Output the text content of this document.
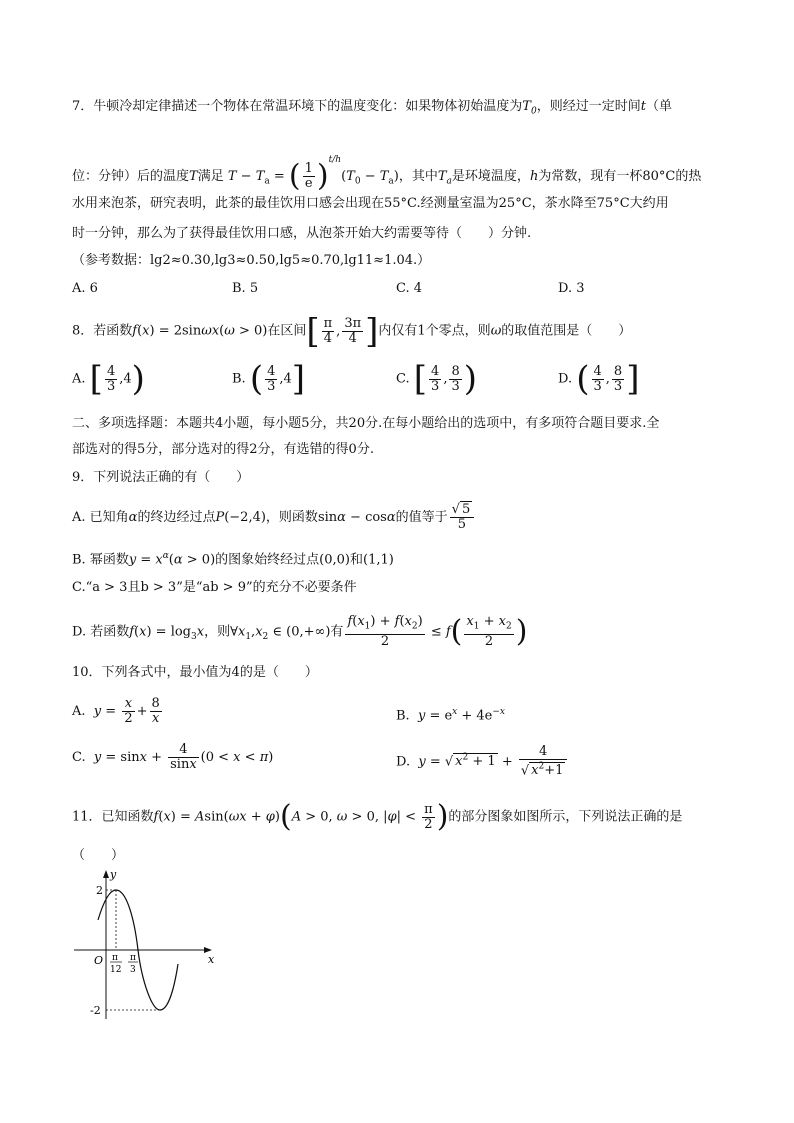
7．牛顿冷却定律描述一个物体在常温环境下的温度变化：如果物体初始温度为$T_0$，则经过一定时间t（单
位：分钟）后的温度T满足 $T - T_a$ = ( $\frac{1}{e} )^{t/h}(T_0 - T_a)$，其中$T_a$是环境温度，h为常数，现有一杯80°C的热
水用来泡茶，研究表明，此茶的最佳饮用口感会出现在55°C.经测量室温为25°C，茶水降至75°C大约用
时一分钟，那么为了获得最佳饮用口感，从泡茶开始大约需要等待（　　）分钟.
（参考数据：lg2≈0.30,lg3≈0.50,lg5≈0.70,lg11≈1.04.）
A. 6	B. 5	C. 4	D. 3
8．若函数f(x) = 2sinωx(ω > 0)在区间[ $\frac{\pi}{4}$ , $\frac{3\pi}{4}$ ]内仅有1个零点，则ω的取值范围是（　　）
A. [ $\frac{4}{3} ,4$)	B. ( $\frac{4}{3} ,4$]	C. [ $\frac{4}{3}$ , $\frac{8}{3}$ )	D. ( $\frac{4}{3}$ , $\frac{8}{3}$ ]
二、多项选择题：本题共4小题，每小题5分，共20分.在每小题给出的选项中，有多项符合题目要求.全
部选对的得5分，部分选对的得2分，有选错的得0分.
9．下列说法正确的有（　　）
A. 已知角α的终边经过点P(−2,4)，则函数sinα − cosα的值等于 $\frac{√ 5}{5}$
B. 幂函数$y = x^\alpha(\alpha > 0)$的图象始终经过点(0,0)和(1,1)
C.“a > 3且b > 3”是“ab > 9”的充分不必要条件
D. 若函数$f(x) = \log_3x$，则$\forall x_1,x_2$ ∈ (0,+∞)有 $\frac{f(x_1) + f(x_2)}{2} \le f( \frac{x_1 + x_2}{2}$ )
10．下列各式中，最小值为4的是（　　）
A. $y = \frac{x}{2} + \frac{8}{x}$	B. $y = e^x + 4e^{-x}$
C. $y = \sin x + \frac{4}{\sin x} (0 < x < \pi)$	D. y = √ $x^2 + 1 + \frac{4}{√ x^2+1}$
11．已知函数f(x) = Asin(ωx + φ)(A > 0, ω > 0, $|\varphi| < \frac{\pi}{2}$ )的部分图象如图所示，下列说法正确的是
（　　）
y
x
O
2
-2
π
12
π
3
